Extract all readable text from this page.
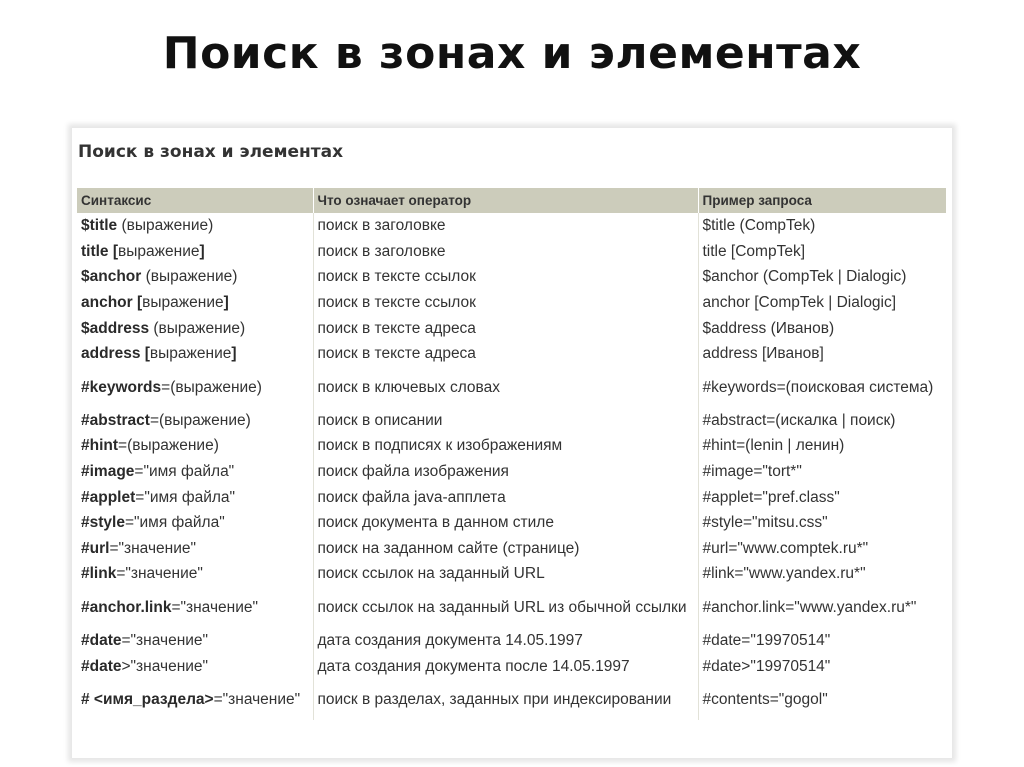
Поиск в зонах и элементах
Поиск в зонах и элементах
Синтаксис	Что означает оператор	Пример запроса
$title (выражение)	поиск в заголовке	$title (CompTek)
title [выражение]	поиск в заголовке	title [CompTek]
$anchor (выражение)	поиск в тексте ссылок	$anchor (CompTek | Dialogic)
anchor [выражение]	поиск в тексте ссылок	anchor [CompTek | Dialogic]
$address (выражение)	поиск в тексте адреса	$address (Иванов)
address [выражение]	поиск в тексте адреса	address [Иванов]
#keywords=(выражение)	поиск в ключевых словах	#keywords=(поисковая система)
#abstract=(выражение)	поиск в описании	#abstract=(искалка | поиск)
#hint=(выражение)	поиск в подписях к изображениям	#hint=(lenin | ленин)
#image="имя файла"	поиск файла изображения	#image="tort*"
#applet="имя файла"	поиск файла java-апплета	#applet="pref.class"
#style="имя файла"	поиск документа в данном стиле	#style="mitsu.css"
#url="значение"	поиск на заданном сайте (странице)	#url="www.comptek.ru*"
#link="значение"	поиск ссылок на заданный URL	#link="www.yandex.ru*"
#anchor.link="значение"	поиск ссылок на заданный URL из обычной ссылки	#anchor.link="www.yandex.ru*"
#date="значение"	дата создания документа 14.05.1997	#date="19970514"
#date>"значение"	дата создания документа после 14.05.1997	#date>"19970514"
# <имя_раздела>="значение"	поиск в разделах, заданных при индексировании	#contents="gogol"
